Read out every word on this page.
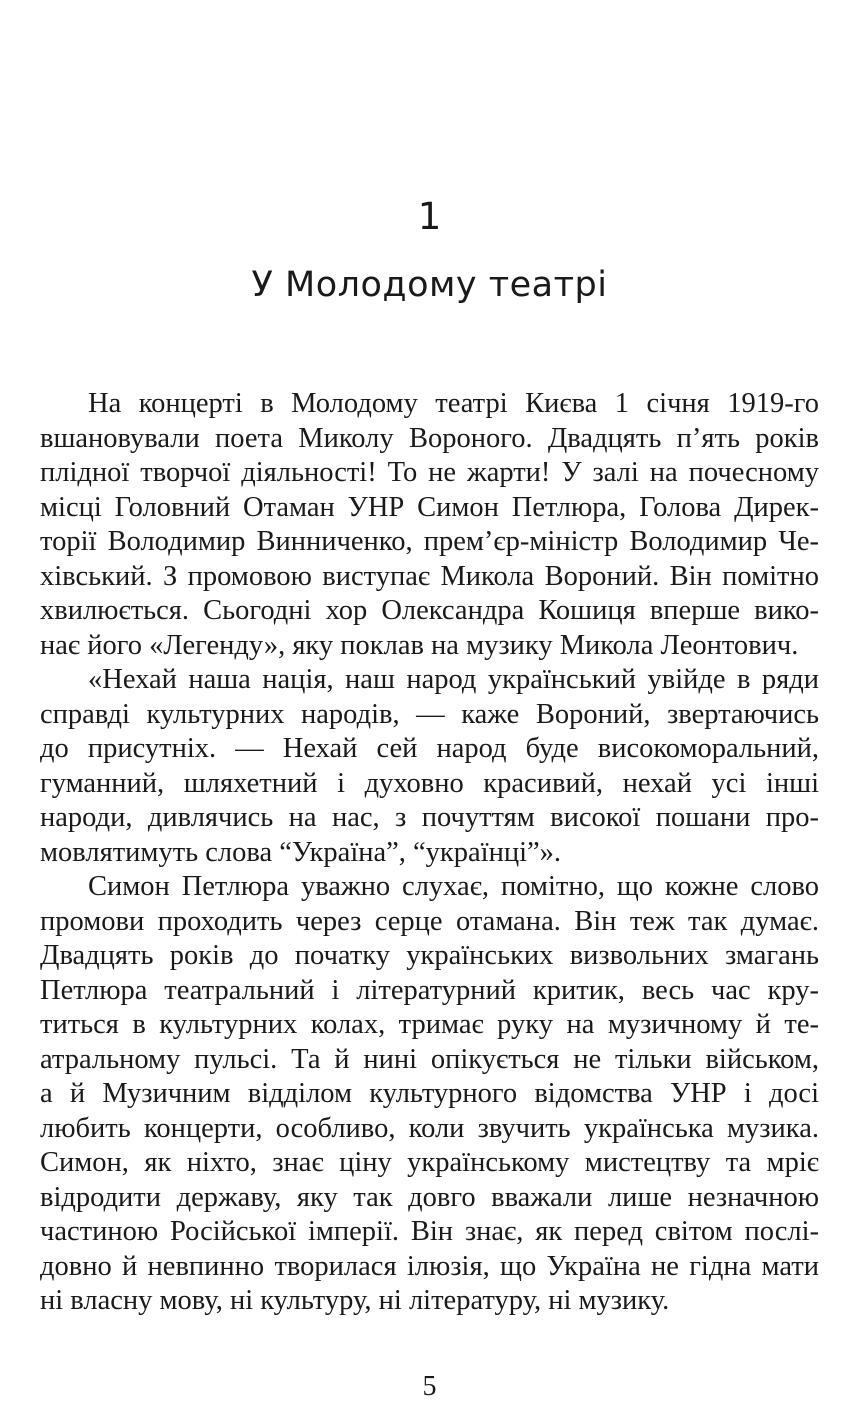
1
У Молодому театрі
На концерті в Молодому театрі Києва 1 січня 1919-го
вшановували поета Миколу Вороного. Двадцять п’ять років
плідної творчої діяльності! То не жарти! У залі на почесному
місці Головний Отаман УНР Симон Петлюра, Голова Дирек-
торії Володимир Винниченко, прем’єр-міністр Володимир Че-
хівський. З промовою виступає Микола Вороний. Він помітно
хвилюється. Сьогодні хор Олександра Кошиця вперше вико-
нає його «Легенду», яку поклав на музику Микола Леонтович.
«Нехай наша нація, наш народ український увійде в ряди
справді культурних народів, — каже Вороний, звертаючись
до присутніх. — Нехай сей народ буде високоморальний,
гуманний, шляхетний і духовно красивий, нехай усі інші
народи, дивлячись на нас, з почуттям високої пошани про-
мовлятимуть слова “Україна”, “українці”».
Симон Петлюра уважно слухає, помітно, що кожне слово
промови проходить через серце отамана. Він теж так думає.
Двадцять років до початку українських визвольних змагань
Петлюра театральний і літературний критик, весь час кру-
титься в культурних колах, тримає руку на музичному й те-
атральному пульсі. Та й нині опікується не тільки військом,
а й Музичним відділом культурного відомства УНР і досі
любить концерти, особливо, коли звучить українська музика.
Симон, як ніхто, знає ціну українському мистецтву та мріє
відродити державу, яку так довго вважали лише незначною
частиною Російської імперії. Він знає, як перед світом послі-
довно й невпинно творилася ілюзія, що Україна не гідна мати
ні власну мову, ні культуру, ні літературу, ні музику.
5
